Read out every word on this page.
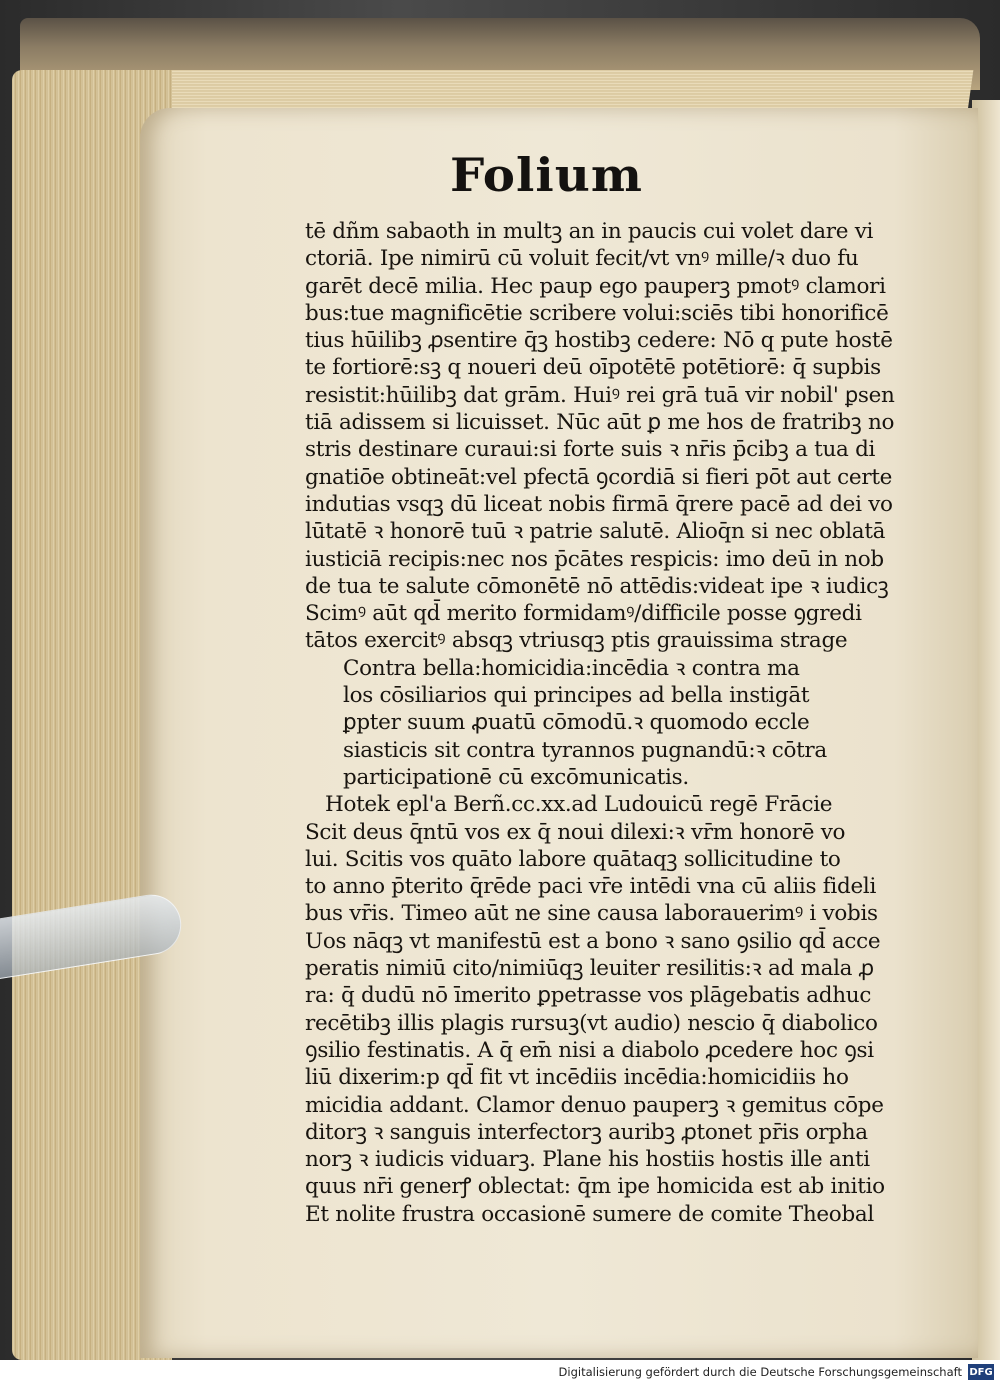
Folium
tē dñm sabaoth in multꝫ an in paucis cui volet dare vi
ctoriā. Ipe nimirū cū voluit fecit/vt vnꝰ mille/ꝛ duo fu
garēt decē milia. Hec paup ego pauperꝫ pmotꝰ clamori
bus:tue magnificētie scribere volui:sciēs tibi honorificē
tius hūilibꝫ ꝓsentire q̄ꝫ hostibꝫ cedere: Nō q pute hostē
te fortiorē:sꝫ q noueri deū oīpotētē potētiorē: q̄ supbis
resistit:hūilibꝫ dat grām. Huiꝰ rei grā tuā vir nobil' ꝑsen
tiā adissem si licuisset. Nūc aūt ꝑ me hos de fratribꝫ no
stris destinare curaui:si forte suis ꝛ nr̄is p̄cibꝫ a tua di
gnatiōe obtineāt:vel pfectā ꝯcordiā si fieri pōt aut certe
indutias vsqꝫ dū liceat nobis firmā q̄rere pacē ad dei vo
lūtatē ꝛ honorē tuū ꝛ patrie salutē. Alioq̄n si nec oblatā
iusticiā recipis:nec nos p̄cātes respicis: imo deū in nob
de tua te salute cōmonētē nō attēdis:videat ipe ꝛ iudicꝫ
Scimꝰ aūt qd̄ merito formidamꝰ/difficile posse ꝯgredi
tātos exercitꝰ absqꝫ vtriusqꝫ ptis grauissima strage
Contra bella:homicidia:incēdia ꝛ contra ma
los cōsiliarios qui principes ad bella instigāt
ꝑpter suum ꝓuatū cōmodū.ꝛ quomodo eccle
siasticis sit contra tyrannos pugnandū:ꝛ cōtra
participationē cū excōmunicatis.
Hotek epl'a Berñ.cc.xx.ad Ludouicū regē Frācie
Scit deus q̄ntū vos ex q̄ noui dilexi:ꝛ vr̄m honorē vo
lui. Scitis vos quāto labore quātaqꝫ sollicitudine to
to anno p̄terito q̄rēde paci vr̄e intēdi vna cū aliis fideli
bus vr̄is. Timeo aūt ne sine causa laborauerimꝰ i vobis
Uos nāqꝫ vt manifestū est a bono ꝛ sano ꝯsilio qd̄ acce
peratis nimiū cito/nimiūqꝫ leuiter resilitis:ꝛ ad mala ꝓ
ra: q̄ dudū nō īmerito ꝑpetrasse vos plāgebatis adhuc
recētibꝫ illis plagis rursuꝫ(vt audio) nescio q̄ diabolico
ꝯsilio festinatis. A q̄ em̄ nisi a diabolo ꝓcedere hoc ꝯsi
liū dixerim:p qd̄ fit vt incēdiis incēdia:homicidiis ho
micidia addant. Clamor denuo pauperꝫ ꝛ gemitus cōpe
ditorꝫ ꝛ sanguis interfectorꝫ auribꝫ ꝓtonet pr̄is orpha
norꝫ ꝛ iudicis viduarꝫ. Plane his hostiis hostis ille anti
quus nr̄i generꝭ oblectat: q̄m ipe homicida est ab initio
Et nolite frustra occasionē sumere de comite Theobal
Digitalisierung gefördert durch die Deutsche Forschungsgemeinschaft DFG
